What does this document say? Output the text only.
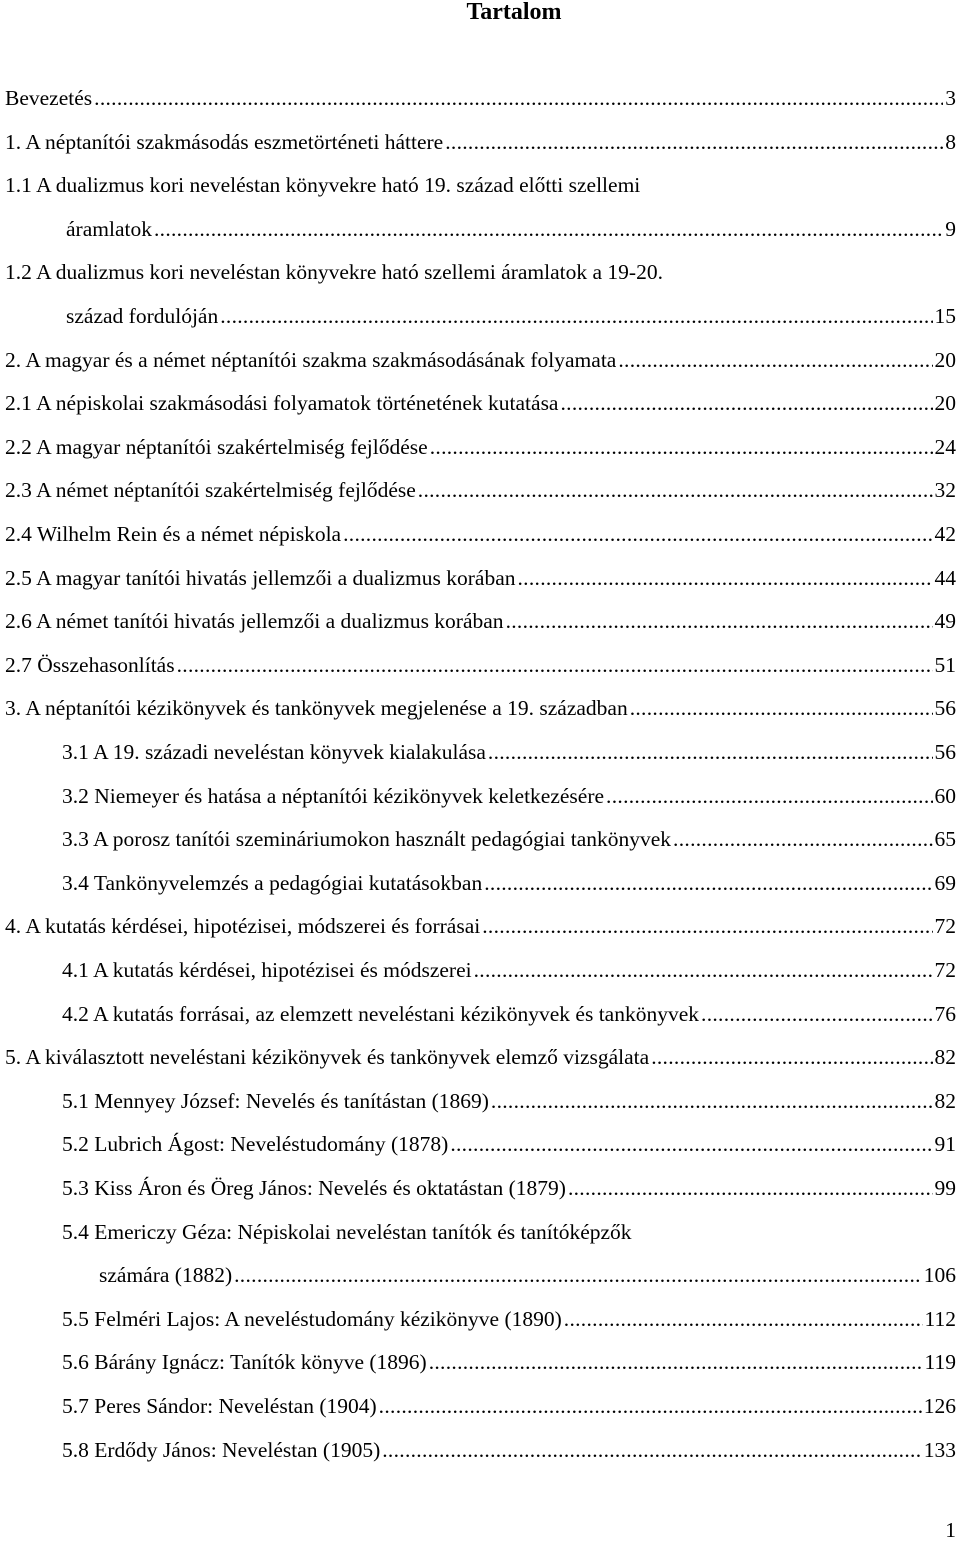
Tartalom
Bevezetés .....	3
1. A néptanítói szakmásodás eszmetörténeti háttere .....	8
1.1 A dualizmus kori neveléstan könyvekre ható 19. század előtti szellemi
áramlatok .....	9
1.2 A dualizmus kori neveléstan könyvekre ható szellemi áramlatok a 19-20.
század fordulóján .....	15
2. A magyar és a német néptanítói szakma szakmásodásának folyamata .....	20
2.1 A népiskolai szakmásodási folyamatok történetének kutatása .....	20
2.2 A magyar néptanítói szakértelmiség fejlődése .....	24
2.3 A német néptanítói szakértelmiség fejlődése .....	32
2.4 Wilhelm Rein és a német népiskola .....	42
2.5 A magyar tanítói hivatás jellemzői a dualizmus korában .....	44
2.6 A német tanítói hivatás jellemzői a dualizmus korában .....	49
2.7 Összehasonlítás .....	51
3. A néptanítói kézikönyvek és tankönyvek megjelenése a 19. században .....	56
3.1 A 19. századi neveléstan könyvek kialakulása .....	56
3.2 Niemeyer és hatása a néptanítói kézikönyvek keletkezésére .....	60
3.3 A porosz tanítói szemináriumokon használt pedagógiai tankönyvek .....	65
3.4 Tankönyvelemzés a pedagógiai kutatásokban .....	69
4. A kutatás kérdései, hipotézisei, módszerei és forrásai .....	72
4.1 A kutatás kérdései, hipotézisei és módszerei .....	72
4.2 A kutatás forrásai, az elemzett neveléstani kézikönyvek és tankönyvek .....	76
5. A kiválasztott neveléstani kézikönyvek és tankönyvek elemző vizsgálata .....	82
5.1 Mennyey József: Nevelés és tanítástan (1869) .....	82
5.2 Lubrich Ágost: Neveléstudomány (1878) .....	91
5.3 Kiss Áron és Öreg János: Nevelés és oktatástan (1879) .....	99
5.4 Emericzy Géza: Népiskolai neveléstan tanítók és tanítóképzők
számára (1882) .....	106
5.5 Felméri Lajos: A neveléstudomány kézikönyve (1890) .....	112
5.6 Bárány Ignácz: Tanítók könyve (1896) .....	119
5.7 Peres Sándor: Neveléstan (1904) .....	126
5.8 Erdődy János: Neveléstan (1905) .....	133
1
